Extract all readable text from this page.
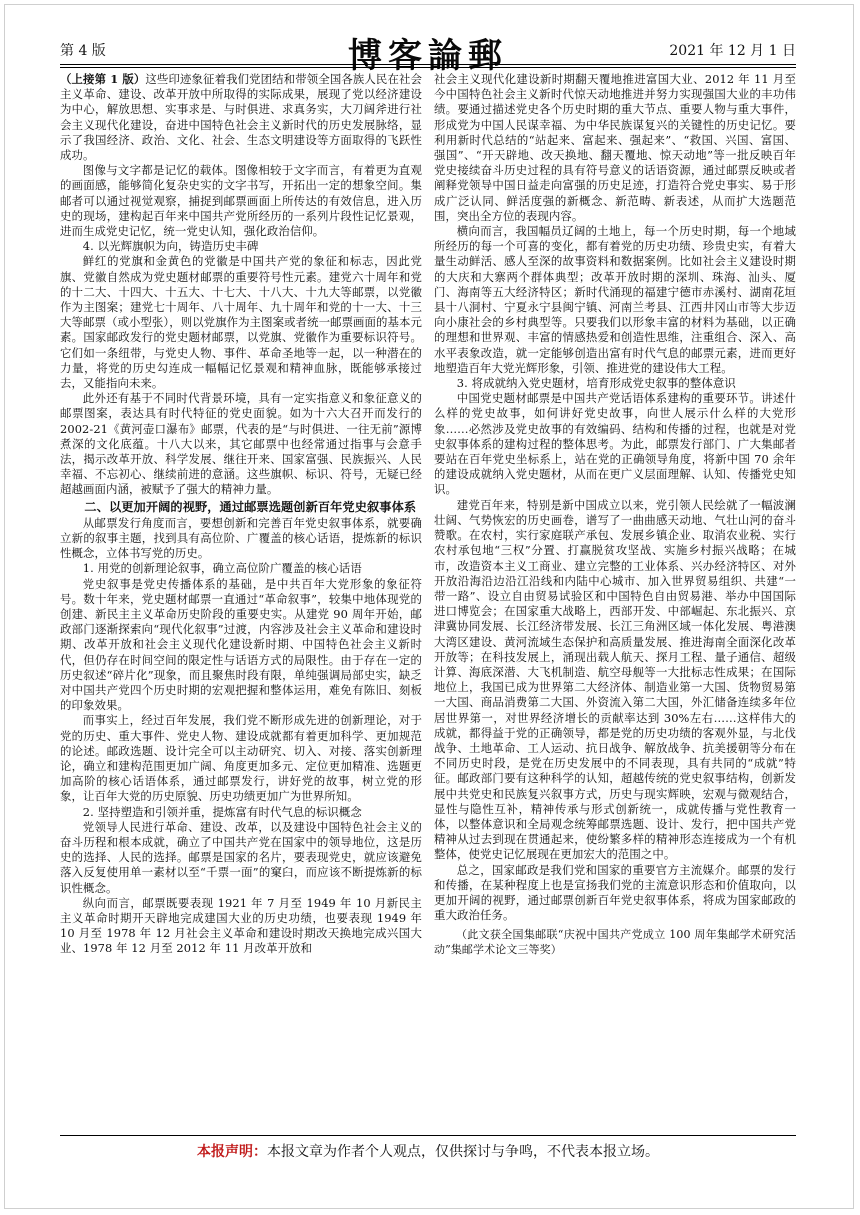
第 4 版	博客論郵	2021 年 12 月 1 日

（上接第 1 版）这些印迹象征着我们党团结和带领全国各族人民在社会主义革命、建设、改革开放中所取得的实际成果，展现了党以经济建设为中心，解放思想、实事求是、与时俱进、求真务实，大刀阔斧进行社会主义现代化建设，奋进中国特色社会主义新时代的历史发展脉络，显示了我国经济、政治、文化、社会、生态文明建设等方面取得的飞跃性成功。

图像与文字都是记忆的载体。图像相较于文字而言，有着更为直观的画面感，能够简化复杂史实的文字书写，开拓出一定的想象空间。集邮者可以通过视觉观察，捕捉到邮票画面上所传达的有效信息，进入历史的现场，建构起百年来中国共产党所经历的一系列片段性记忆景观，进而生成党史记忆，统一党史认知，强化政治信仰。

4. 以光辉旗帜为向，铸造历史丰碑

鲜红的党旗和金黄色的党徽是中国共产党的象征和标志，因此党旗、党徽自然成为党史题材邮票的重要符号性元素。建党六十周年和党的十二大、十四大、十五大、十七大、十八大、十九大等邮票，以党徽作为主图案；建党七十周年、八十周年、九十周年和党的十一大、十三大等邮票（或小型张），则以党旗作为主图案或者统一邮票画面的基本元素。国家邮政发行的党史题材邮票，以党旗、党徽作为重要标识符号。它们如一条纽带，与党史人物、事件、革命圣地等一起，以一种潜在的力量，将党的历史勾连成一幅幅记忆景观和精神血脉，既能够承接过去，又能指向未来。

此外还有基于不同时代背景环境，具有一定实指意义和象征意义的邮票图案，表达具有时代特征的党史面貌。如为十六大召开而发行的 2002-21《黄河壶口瀑布》邮票，代表的是“与时俱进、一往无前”源博煮深的文化底蕴。十八大以来，其它邮票中也经常通过指事与会意手法，揭示改革开放、科学发展、继往开来、国家富强、民族振兴、人民幸福、不忘初心、继续前进的意涵。这些旗帜、标识、符号，无疑已经超越画面内涵，被赋予了强大的精神力量。

二、以更加开阔的视野，通过邮票选题创新百年党史叙事体系

从邮票发行角度而言，要想创新和完善百年党史叙事体系，就要确立新的叙事主题，找到具有高位阶、广覆盖的核心话语，提炼新的标识性概念，立体书写党的历史。

1. 用党的创新理论叙事，确立高位阶广覆盖的核心话语

党史叙事是党史传播体系的基础，是中共百年大党形象的象征符号。数十年来，党史题材邮票一直通过“革命叙事”，较集中地体现党的创建、新民主主义革命历史阶段的重要史实。从建党 90 周年开始，邮政部门逐渐探索向“现代化叙事”过渡，内容涉及社会主义革命和建设时期、改革开放和社会主义现代化建设新时期、中国特色社会主义新时代，但仍存在时间空间的限定性与话语方式的局限性。由于存在一定的历史叙述“碎片化”现象，而且聚焦时段有限，单纯强调局部史实，缺乏对中国共产党四个历史时期的宏观把握和整体运用，难免有陈旧、刻板的印象效果。

而事实上，经过百年发展，我们党不断形成先进的创新理论，对于党的历史、重大事件、党史人物、建设成就都有着更加科学、更加规范的论述。邮政选题、设计完全可以主动研究、切入、对接、落实创新理论，确立和建构范围更加广阔、角度更加多元、定位更加精准、选题更加高阶的核心话语体系，通过邮票发行，讲好党的故事，树立党的形象，让百年大党的历史原貌、历史功绩更加广为世界所知。

2. 坚持塑造和引领并重，提炼富有时代气息的标识概念

党领导人民进行革命、建设、改革，以及建设中国特色社会主义的奋斗历程和根本成就，确立了中国共产党在国家中的领导地位，这是历史的选择、人民的选择。邮票是国家的名片，要表现党史，就应该避免落入反复使用单一素材以至“千票一面”的窠臼，而应该不断提炼新的标识性概念。

纵向而言，邮票既要表现 1921 年 7 月至 1949 年 10 月新民主主义革命时期开天辟地完成建国大业的历史功绩，也要表现 1949 年 10 月至 1978 年 12 月社会主义革命和建设时期改天换地完成兴国大业、1978 年 12 月至 2012 年 11 月改革开放和

社会主义现代化建设新时期翻天覆地推进富国大业、2012 年 11 月至今中国特色社会主义新时代惊天动地推进并努力实现强国大业的丰功伟绩。要通过描述党史各个历史时期的重大节点、重要人物与重大事件，形成党为中国人民谋幸福、为中华民族谋复兴的关键性的历史记忆。要利用新时代总结的“站起来、富起来、强起来”、“救国、兴国、富国、强国”、“开天辟地、改天换地、翻天覆地、惊天动地”等一批反映百年党史接续奋斗历史过程的具有符号意义的话语资源，通过邮票反映或者阐释党领导中国日益走向富强的历史足迹，打造符合党史事实、易于形成广泛认同、鲜活度强的新概念、新范畴、新表述，从而扩大选题范围，突出全方位的表现内容。

横向而言，我国幅员辽阔的土地上，每一个历史时期，每一个地域所经历的每一个可喜的变化，都有着党的历史功绩、珍贵史实，有着大量生动鲜活、感人至深的故事资料和数据案例。比如社会主义建设时期的大庆和大寨两个群体典型；改革开放时期的深圳、珠海、汕头、厦门、海南等五大经济特区；新时代涌现的福建宁德市赤溪村、湖南花垣县十八洞村、宁夏永宁县闽宁镇、河南兰考县、江西井冈山市等大步迈向小康社会的乡村典型等。只要我们以形象丰富的材料为基础，以正确的理想和世界观、丰富的情感热爱和创造性思维，注重组合、深入、高水平表象改造，就一定能够创造出富有时代气息的邮票元素，进而更好地塑造百年大党光辉形象，引领、推进党的建设伟大工程。

3. 将成就纳入党史题材，培育形成党史叙事的整体意识

中国党史题材邮票是中国共产党话语体系建构的重要环节。讲述什么样的党史故事，如何讲好党史故事，向世人展示什么样的大党形象……必然涉及党史故事的有效编码、结构和传播的过程，也就是对党史叙事体系的建构过程的整体思考。为此，邮票发行部门、广大集邮者要站在百年党史坐标系上，站在党的正确领导角度，将新中国 70 余年的建设成就纳入党史题材，从而在更广义层面理解、认知、传播党史知识。

建党百年来，特别是新中国成立以来，党引领人民绘就了一幅波澜壮阔、气势恢宏的历史画卷，谱写了一曲曲感天动地、气壮山河的奋斗赞歌。在农村，实行家庭联产承包、发展乡镇企业、取消农业税、实行农村承包地“三权”分置、打赢脱贫攻坚战、实施乡村振兴战略；在城市，改造资本主义工商业、建立完整的工业体系、兴办经济特区、对外开放沿海沿边沿江沿线和内陆中心城市、加入世界贸易组织、共建“一带一路”、设立自由贸易试验区和中国特色自由贸易港、举办中国国际进口博览会；在国家重大战略上，西部开发、中部崛起、东北振兴、京津冀协同发展、长江经济带发展、长江三角洲区域一体化发展、粤港澳大湾区建设、黄河流域生态保护和高质量发展、推进海南全面深化改革开放等；在科技发展上，涌现出载人航天、探月工程、量子通信、超级计算、海底深潜、大飞机制造、航空母舰等一大批标志性成果；在国际地位上，我国已成为世界第二大经济体、制造业第一大国、货物贸易第一大国、商品消费第二大国、外资流入第二大国，外汇储备连续多年位居世界第一，对世界经济增长的贡献率达到 30%左右……这样伟大的成就，都得益于党的正确领导，都是党的历史功绩的客观外显，与北伐战争、土地革命、工人运动、抗日战争、解放战争、抗美援朝等分布在不同历史时段，是党在历史发展中的不同表现，具有共同的“成就”特征。邮政部门要有这种科学的认知，超越传统的党史叙事结构，创新发展中共党史和民族复兴叙事方式，历史与现实辉映，宏观与微观结合，显性与隐性互补，精神传承与形式创新统一，成就传播与党性教育一体，以整体意识和全局观念统筹邮票选题、设计、发行，把中国共产党精神从过去到现在贯通起来，使纷繁多样的精神形态连接成为一个有机整体，使党史记忆展现在更加宏大的范围之中。

总之，国家邮政是我们党和国家的重要官方主流媒介。邮票的发行和传播，在某种程度上也是宣扬我们党的主流意识形态和价值取向，以更加开阔的视野，通过邮票创新百年党史叙事体系，将成为国家邮政的重大政治任务。

（此文获全国集邮联“庆祝中国共产党成立 100 周年集邮学术研究活动”集邮学术论文三等奖）

本报声明：本报文章为作者个人观点，仅供探讨与争鸣，不代表本报立场。
